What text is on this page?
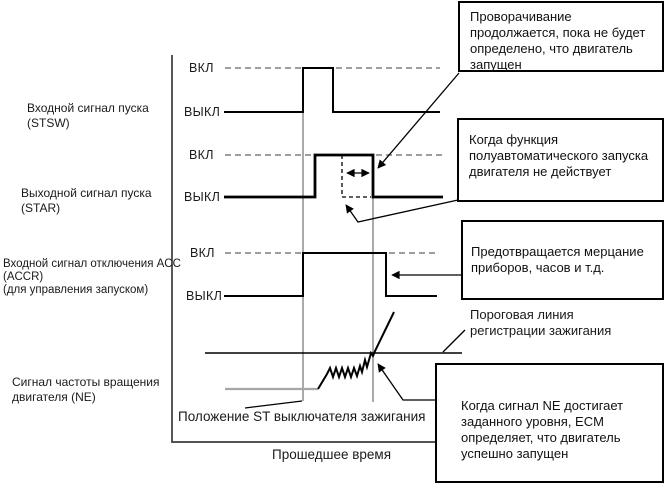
Входной сигнал пуска
(STSW)
Выходной сигнал пуска
(STAR)
Входной сигнал отключения ACC
(ACCR)
(для управления запуском)
Сигнал частоты вращения
двигателя (NE)
ВКЛ
ВЫКЛ
ВКЛ
ВЫКЛ
ВКЛ
ВЫКЛ
Проворачивание
продолжается, пока не будет
определено, что двигатель
запущен
Когда функция
полуавтоматического запуска
двигателя не действует
Предотвращается мерцание
приборов, часов и т.д.
Когда сигнал NE достигает
заданного уровня, ECM
определяет, что двигатель
успешно запущен
Пороговая линия
регистрации зажигания
Положение ST выключателя зажигания
Прошедшее время
